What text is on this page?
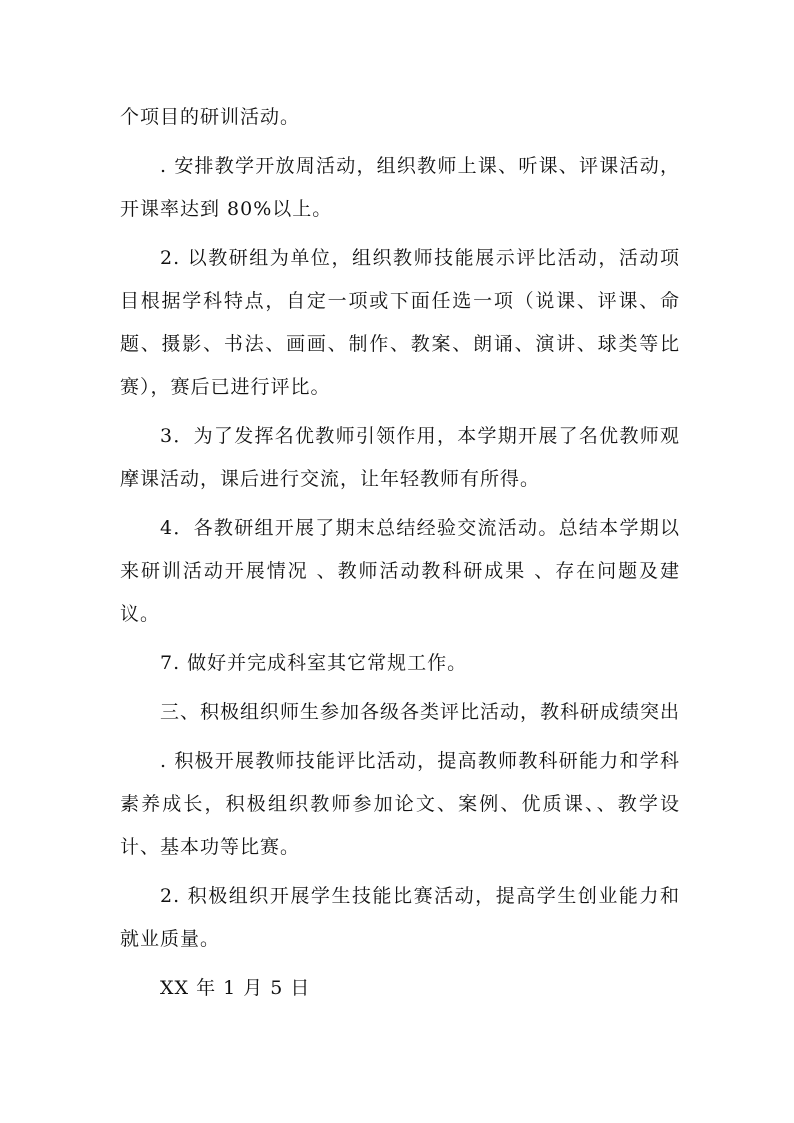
个项目的研训活动。

. 安排教学开放周活动，组织教师上课、听课、评课活动，开课率达到 80%以上。

2. 以教研组为单位，组织教师技能展示评比活动，活动项目根据学科特点，自定一项或下面任选一项（说课、评课、命题、摄影、书法、画画、制作、教案、朗诵、演讲、球类等比赛），赛后已进行评比。

3．为了发挥名优教师引领作用，本学期开展了名优教师观摩课活动，课后进行交流，让年轻教师有所得。

4．各教研组开展了期末总结经验交流活动。总结本学期以来研训活动开展情况 、教师活动教科研成果 、存在问题及建议。

7. 做好并完成科室其它常规工作。

三、积极组织师生参加各级各类评比活动，教科研成绩突出

. 积极开展教师技能评比活动，提高教师教科研能力和学科素养成长，积极组织教师参加论文、案例、优质课、、教学设计、基本功等比赛。

2. 积极组织开展学生技能比赛活动，提高学生创业能力和就业质量。

XX 年 1 月 5 日
